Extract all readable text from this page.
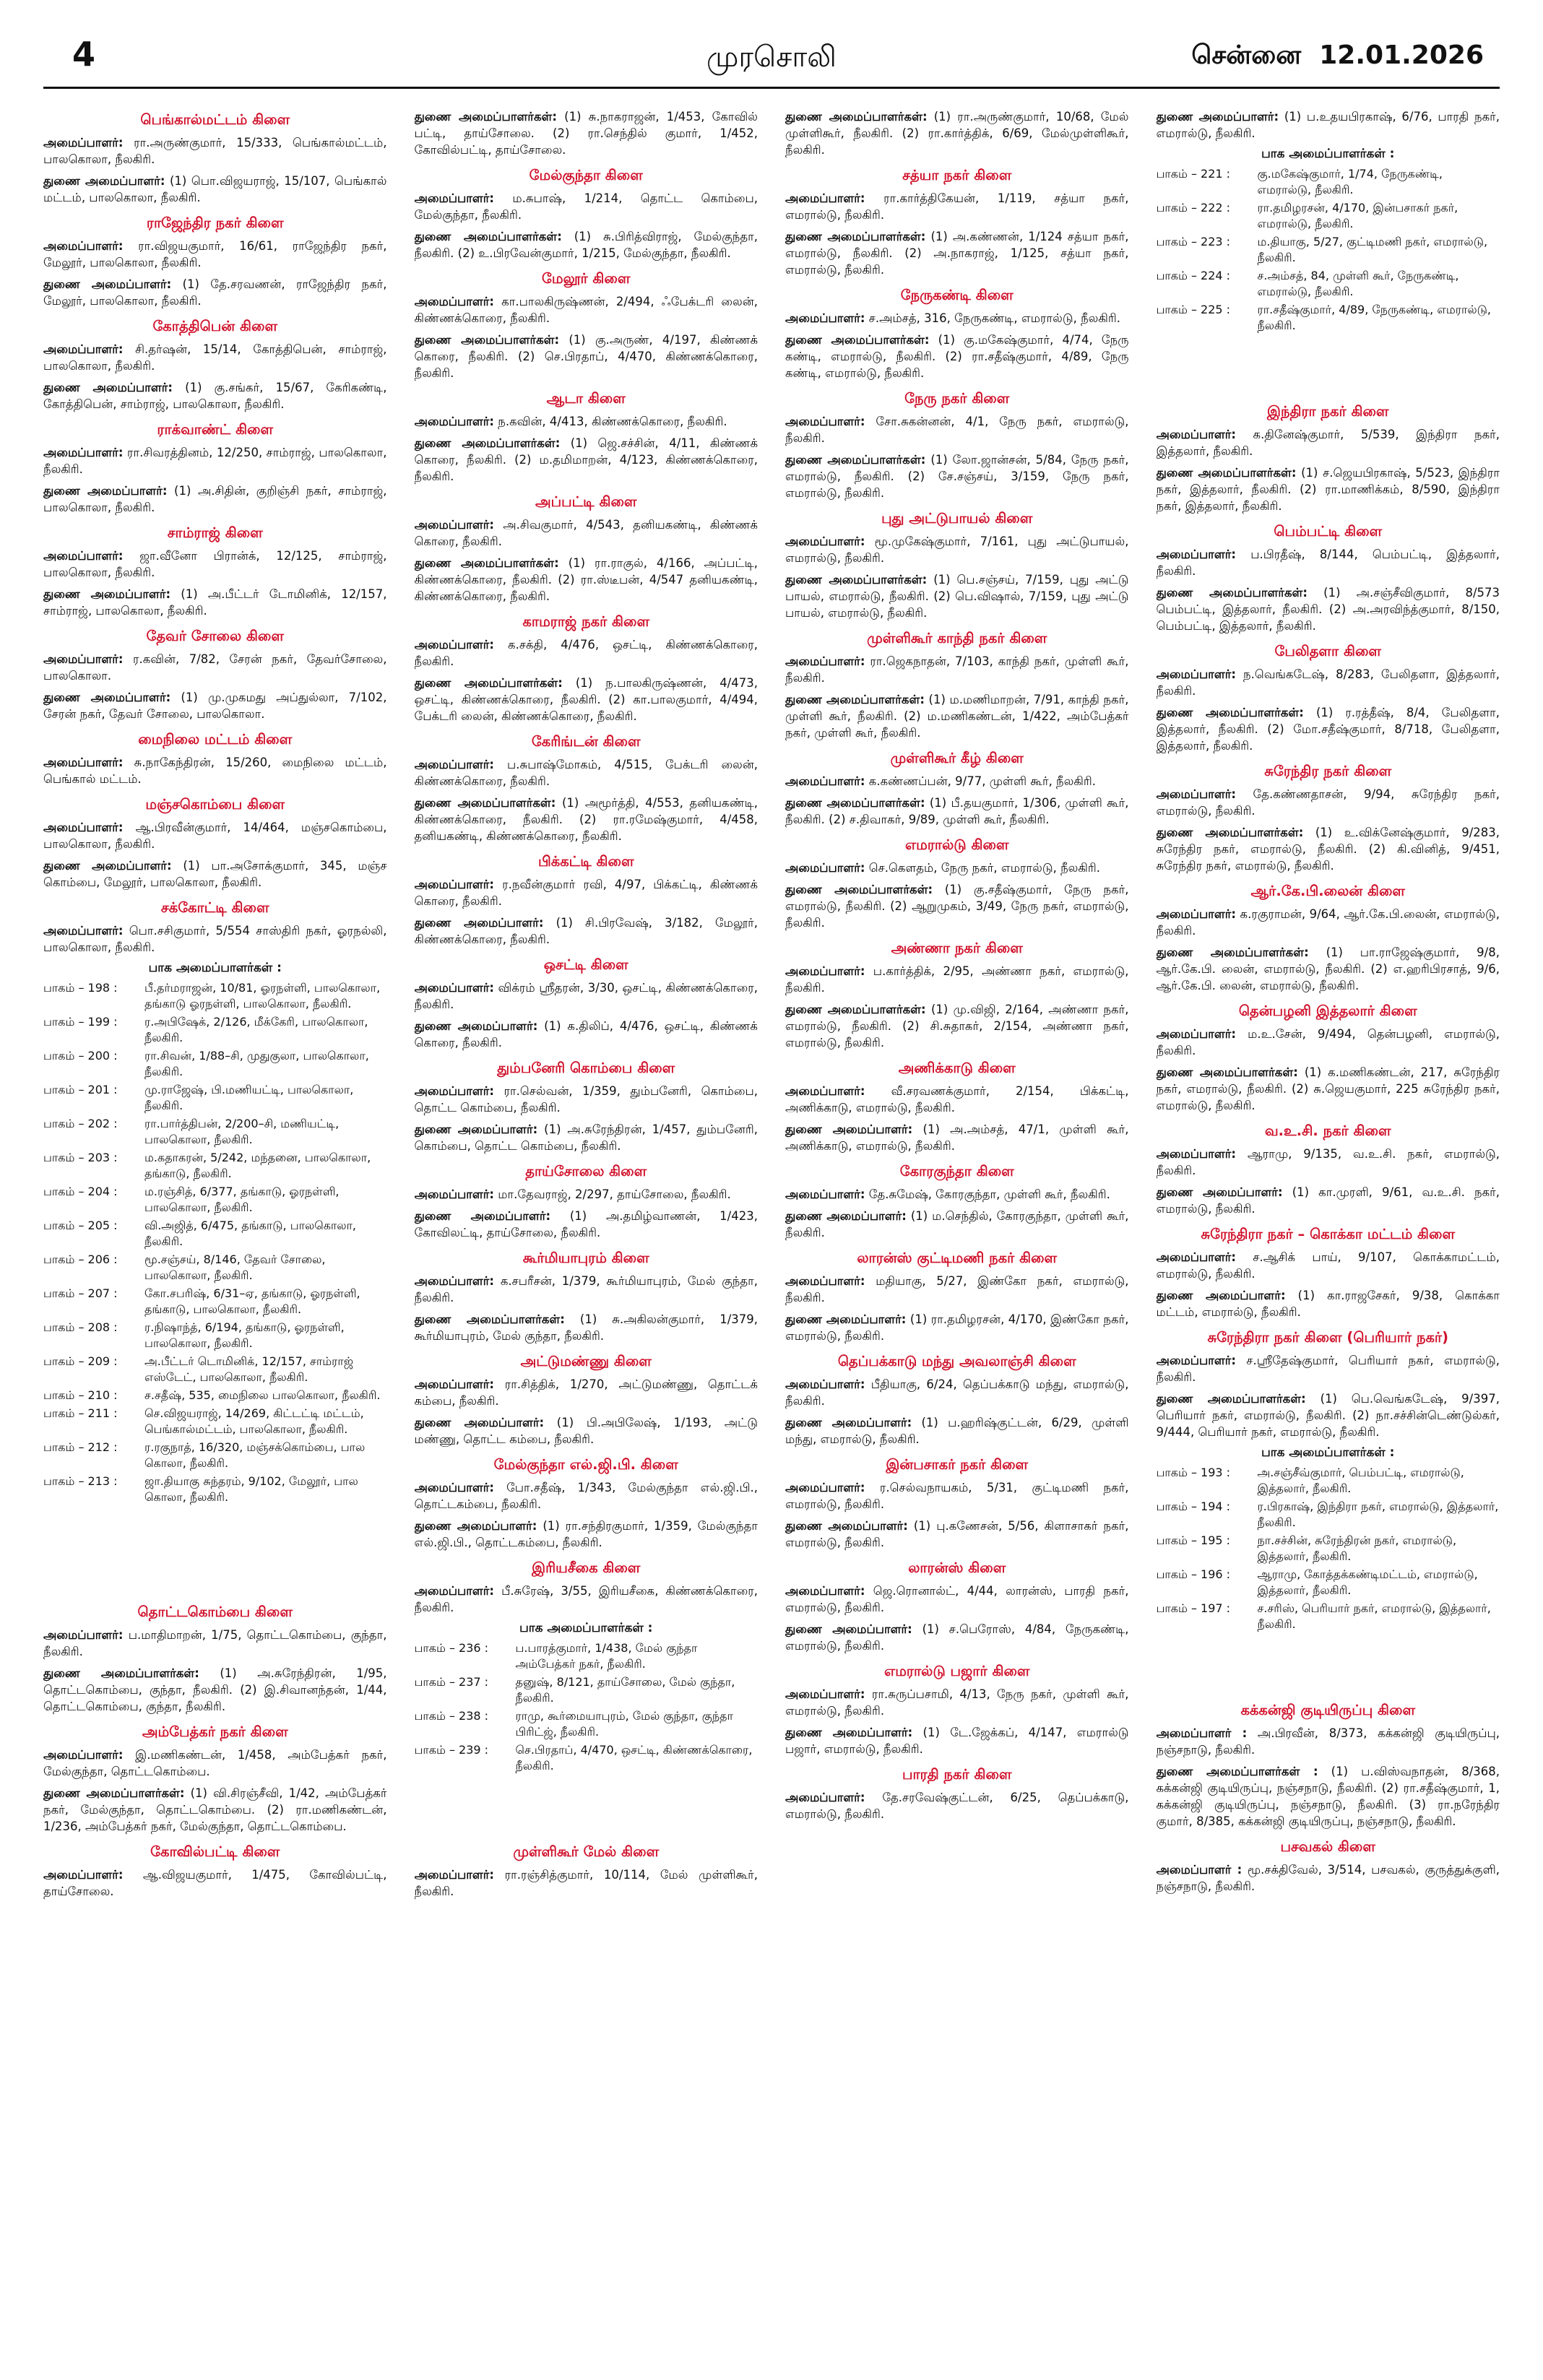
4	முரசொலி	சென்னை 12.01.2026
பெங்கால்மட்டம் கிளை

அமைப்பாளர்: ரா.அருண்குமார், 15/333, பெங்கால்மட்டம், பாலகொலா, நீலகிரி.

துணை அமைப்பாளர்: (1) பொ.விஜயராஜ், 15/107, பெங்கால் மட்டம், பாலகொலா, நீலகிரி.

ராஜேந்திர நகர் கிளை

அமைப்பாளர்: ரா.விஜயகுமார், 16/61, ராஜேந்திர நகர், மேலூர், பாலகொலா, நீலகிரி.

துணை அமைப்பாளர்: (1) தே.சரவணன், ராஜேந்திர நகர், மேலூர், பாலகொலா, நீலகிரி.

கோத்திபென் கிளை

அமைப்பாளர்: சி.தர்ஷன், 15/14, கோத்திபென், சாம்ராஜ், பாலகொலா, நீலகிரி.

துணை அமைப்பாளர்: (1) கு.சங்கர், 15/67, கேரிகண்டி, கோத்திபென், சாம்ராஜ், பாலகொலா, நீலகிரி.

ராக்வாண்ட் கிளை

அமைப்பாளர்: ரா.சிவரத்தினம், 12/250, சாம்ராஜ், பாலகொலா, நீலகிரி.

துணை அமைப்பாளர்: (1) அ.சிதின், குறிஞ்சி நகர், சாம்ராஜ், பாலகொலா, நீலகிரி.

சாம்ராஜ் கிளை

அமைப்பாளர்: ஜா.வீனோ பிரான்க், 12/125, சாம்ராஜ், பாலகொலா, நீலகிரி.

துணை அமைப்பாளர்: (1) அ.பீட்டர் டோமினிக், 12/157, சாம்ராஜ், பாலகொலா, நீலகிரி.

தேவர் சோலை கிளை

அமைப்பாளர்: ர.கவின், 7/82, சேரன் நகர், தேவர்சோலை, பாலகொலா.

துணை அமைப்பாளர்: (1) மு.முகமது அப்துல்லா, 7/102, சேரன் நகர், தேவர் சோலை, பாலகொலா.

மைநிலை மட்டம் கிளை

அமைப்பாளர்: சு.நாகேந்திரன், 15/260, மைநிலை மட்டம், பெங்கால் மட்டம்.

மஞ்சகொம்பை கிளை

அமைப்பாளர்: ஆ.பிரவீன்குமார், 14/464, மஞ்சகொம்பை, பாலகொலா, நீலகிரி.

துணை அமைப்பாளர்: (1) பா.அசோக்குமார், 345, மஞ்ச கொம்பை, மேலூர், பாலகொலா, நீலகிரி.

சக்கோட்டி கிளை

அமைப்பாளர்: பொ.சசிகுமார், 5/554 சாஸ்திரி நகர், ஓரநல்லி, பாலகொலா, நீலகிரி.

பாக அமைப்பாளர்கள் :
பாகம் – 198 :	பீ.தர்மராஜன், 10/81, ஓரநள்ளி, பாலகொலா, தங்காடு ஓரநள்ளி, பாலகொலா, நீலகிரி.
பாகம் – 199 :	ர.அபிஷேக், 2/126, மீக்கேரி, பாலகொலா, நீலகிரி.
பாகம் – 200 :	ரா.சிவன், 1/88–சி, முதுகுலா, பாலகொலா, நீலகிரி.
பாகம் – 201 :	மு.ராஜேஷ், பி.மணியட்டி, பாலகொலா, நீலகிரி.
பாகம் – 202 :	ரா.பார்த்திபன், 2/200–சி, மணியட்டி, பாலகொலா, நீலகிரி.
பாகம் – 203 :	ம.கதாகரன், 5/242, மந்தனை, பாலகொலா, தங்காடு, நீலகிரி.
பாகம் – 204 :	ம.ரஞ்சித், 6/377, தங்காடு, ஓரநள்ளி, பாலகொலா, நீலகிரி.
பாகம் – 205 :	வி.அஜித், 6/475, தங்காடு, பாலகொலா, நீலகிரி.
பாகம் – 206 :	மூ.சஞ்சய், 8/146, தேவர் சோலை, பாலகொலா, நீலகிரி.
பாகம் – 207 :	கோ.சபரிஷ், 6/31–ஏ, தங்காடு, ஓரநள்ளி, தங்காடு, பாலகொலா, நீலகிரி.
பாகம் – 208 :	ர.நிஷாந்த், 6/194, தங்காடு, ஓரநள்ளி, பாலகொலா, நீலகிரி.
பாகம் – 209 :	அ.பீட்டர் டொமினிக், 12/157, சாம்ராஜ் எஸ்டேட், பாலகொலா, நீலகிரி.
பாகம் – 210 :	ச.சதீஷ், 535, மைநிலை பாலகொலா, நீலகிரி.
பாகம் – 211 :	செ.விஜயராஜ், 14/269, கிட்டட்டி மட்டம், பெங்கால்மட்டம், பாலகொலா, நீலகிரி.
பாகம் – 212 :	ர.ரகுநாத், 16/320, மஞ்சக்கொம்பை, பால கொலா, நீலகிரி.
பாகம் – 213 :	ஜா.தியாகு சுந்தரம், 9/102, மேலூர், பால கொலா, நீலகிரி.
தொட்டகொம்பை கிளை

அமைப்பாளர்: ப.மாதிமாறன், 1/75, தொட்டகொம்பை, குந்தா, நீலகிரி.

துணை அமைப்பாளர்கள்: (1) அ.சுரேந்திரன், 1/95, தொட்டகொம்பை, குந்தா, நீலகிரி. (2) இ.சிவானந்தன், 1/44, தொட்டகொம்பை, குந்தா, நீலகிரி.

அம்பேத்கர் நகர் கிளை

அமைப்பாளர்: இ.மணிகண்டன், 1/458, அம்பேத்கர் நகர், மேல்குந்தா, தொட்டகொம்பை.

துணை அமைப்பாளர்கள்: (1) வி.சிரஞ்சீவி, 1/42, அம்பேத்கர் நகர், மேல்குந்தா, தொட்டகொம்பை. (2) ரா.மணிகண்டன், 1/236, அம்பேத்கர் நகர், மேல்குந்தா, தொட்டகொம்பை.

கோவில்பட்டி கிளை

அமைப்பாளர்: ஆ.விஜயகுமார், 1/475, கோவில்பட்டி, தாய்சோலை.

துணை அமைப்பாளர்கள்: (1) சு.நாகராஜன், 1/453, கோவில் பட்டி, தாய்சோலை. (2) ரா.செந்தில் குமார், 1/452, கோவில்பட்டி, தாய்சோலை.

மேல்குந்தா கிளை

அமைப்பாளர்: ம.சுபாஷ், 1/214, தொட்ட கொம்பை, மேல்குந்தா, நீலகிரி.

துணை அமைப்பாளர்கள்: (1) சு.பிரித்விராஜ், மேல்குந்தா, நீலகிரி. (2) உ.பிரவேன்குமார், 1/215, மேல்குந்தா, நீலகிரி.

மேலூர் கிளை

அமைப்பாளர்: கா.பாலகிருஷ்ணன், 2/494, ஃபேக்டரி லைன், கிண்ணக்கொரை, நீலகிரி.

துணை அமைப்பாளர்கள்: (1) கு.அருண், 4/197, கிண்ணக் கொரை, நீலகிரி. (2) செ.பிரதாப், 4/470, கிண்ணக்கொரை, நீலகிரி.

ஆடா கிளை

அமைப்பாளர்: ந.கவின், 4/413, கிண்ணக்கொரை, நீலகிரி.

துணை அமைப்பாளர்கள்: (1) ஜெ.சச்சின், 4/11, கிண்ணக் கொரை, நீலகிரி. (2) ம.தமிமாறன், 4/123, கிண்ணக்கொரை, நீலகிரி.

அப்பட்டி கிளை

அமைப்பாளர்: அ.சிவகுமார், 4/543, தனியகண்டி, கிண்ணக் கொரை, நீலகிரி.

துணை அமைப்பாளர்கள்: (1) ரா.ராகுல், 4/166, அப்பட்டி, கிண்ணக்கொரை, நீலகிரி. (2) ரா.ஸ்டீபன், 4/547 தனியகண்டி, கிண்ணக்கொரை, நீலகிரி.

காமராஜ் நகர் கிளை

அமைப்பாளர்: க.சக்தி, 4/476, ஒசட்டி, கிண்ணக்கொரை, நீலகிரி.

துணை அமைப்பாளர்கள்: (1) ந.பாலகிருஷ்ணன், 4/473, ஒசட்டி, கிண்ணக்கொரை, நீலகிரி. (2) கா.பாலகுமார், 4/494, பேக்டரி லைன், கிண்ணக்கொரை, நீலகிரி.

கேரிங்டன் கிளை

அமைப்பாளர்: ப.சுபாஷ்மோகம், 4/515, பேக்டரி லைன், கிண்ணக்கொரை, நீலகிரி.

துணை அமைப்பாளர்கள்: (1) அமூர்த்தி, 4/553, தனியகண்டி, கிண்ணக்கொரை, நீலகிரி. (2) ரா.ரமேஷ்குமார், 4/458, தனியகண்டி, கிண்ணக்கொரை, நீலகிரி.

பிக்கட்டி கிளை

அமைப்பாளர்: ர.நவீன்குமார் ரவி, 4/97, பிக்கட்டி, கிண்ணக் கொரை, நீலகிரி.

துணை அமைப்பாளர்: (1) சி.பிரவேஷ், 3/182, மேலூர், கிண்ணக்கொரை, நீலகிரி.

ஒசட்டி கிளை

அமைப்பாளர்: விக்ரம் ஸ்ரீதரன், 3/30, ஒசட்டி, கிண்ணக்கொரை, நீலகிரி.

துணை அமைப்பாளர்: (1) க.திலிப், 4/476, ஒசட்டி, கிண்ணக் கொரை, நீலகிரி.

தும்பனேரி கொம்பை கிளை

அமைப்பாளர்: ரா.செல்வன், 1/359, தும்பனேரி, கொம்பை, தொட்ட கொம்பை, நீலகிரி.

துணை அமைப்பாளர்: (1) அ.சுரேந்திரன், 1/457, தும்பனேரி, கொம்பை, தொட்ட கொம்பை, நீலகிரி.

தாய்சோலை கிளை

அமைப்பாளர்: மா.தேவராஜ், 2/297, தாய்சோலை, நீலகிரி.

துணை அமைப்பாளர்: (1) அ.தமிழ்வாணன், 1/423, கோவிலட்டி, தாய்சோலை, நீலகிரி.

கூர்மியாபுரம் கிளை

அமைப்பாளர்: க.சபரீசன், 1/379, கூர்மியாபுரம், மேல் குந்தா, நீலகிரி.

துணை அமைப்பாளர்கள்: (1) சு.அகிலன்குமார், 1/379, கூர்மியாபுரம், மேல் குந்தா, நீலகிரி.

அட்டுமண்ணு கிளை

அமைப்பாளர்: ரா.சித்திக், 1/270, அட்டுமண்ணு, தொட்டக் கம்பை, நீலகிரி.

துணை அமைப்பாளர்: (1) பி.அபிலேஷ், 1/193, அட்டு மண்ணு, தொட்ட கம்பை, நீலகிரி.

மேல்குந்தா எல்.ஜி.பி. கிளை

அமைப்பாளர்: போ.சதீஷ், 1/343, மேல்குந்தா எல்.ஜி.பி., தொட்டகம்பை, நீலகிரி.

துணை அமைப்பாளர்: (1) ரா.சந்திரகுமார், 1/359, மேல்குந்தா எல்.ஜி.பி., தொட்டகம்பை, நீலகிரி.

இரியசீகை கிளை

அமைப்பாளர்: பீ.சுரேஷ், 3/55, இரியசீகை, கிண்ணக்கொரை, நீலகிரி.

பாக அமைப்பாளர்கள் :
பாகம் – 236 :	ப.பாரத்குமார், 1/438, மேல் குந்தா அம்பேத்கர் நகர், நீலகிரி.
பாகம் – 237 :	தனுஷ், 8/121, தாய்சோலை, மேல் குந்தா, நீலகிரி.
பாகம் – 238 :	ராமு, கூர்மையாபுரம், மேல் குந்தா, குந்தா பிரிட்ஜ், நீலகிரி.
பாகம் – 239 :	செ.பிரதாப், 4/470, ஒசட்டி, கிண்ணக்கொரை, நீலகிரி.
முள்ளிகூர் மேல் கிளை

அமைப்பாளர்: ரா.ரஞ்சித்குமார், 10/114, மேல் முள்ளிகூர், நீலகிரி.

துணை அமைப்பாளர்கள்: (1) ரா.அருண்குமார், 10/68, மேல் முள்ளிகூர், நீலகிரி. (2) ரா.கார்த்திக், 6/69, மேல்முள்ளிகூர், நீலகிரி.

சத்யா நகர் கிளை

அமைப்பாளர்: ரா.கார்த்திகேயன், 1/119, சத்யா நகர், எமரால்டு, நீலகிரி.

துணை அமைப்பாளர்கள்: (1) அ.கண்ணன், 1/124 சத்யா நகர், எமரால்டு, நீலகிரி. (2) அ.நாகராஜ், 1/125, சத்யா நகர், எமரால்டு, நீலகிரி.

நேருகண்டி கிளை

அமைப்பாளர்: ச.அம்சத், 316, நேருகண்டி, எமரால்டு, நீலகிரி.

துணை அமைப்பாளர்கள்: (1) கு.மகேஷ்குமார், 4/74, நேரு கண்டி, எமரால்டு, நீலகிரி. (2) ரா.சதீஷ்குமார், 4/89, நேரு கண்டி, எமரால்டு, நீலகிரி.

நேரு நகர் கிளை

அமைப்பாளர்: சோ.சுகன்னன், 4/1, நேரு நகர், எமரால்டு, நீலகிரி.

துணை அமைப்பாளர்கள்: (1) லோ.ஜான்சன், 5/84, நேரு நகர், எமரால்டு, நீலகிரி. (2) சே.சஞ்சய், 3/159, நேரு நகர், எமரால்டு, நீலகிரி.

புது அட்டுபாயல் கிளை

அமைப்பாளர்: மூ.முகேஷ்குமார், 7/161, புது அட்டுபாயல், எமரால்டு, நீலகிரி.

துணை அமைப்பாளர்கள்: (1) பெ.சஞ்சய், 7/159, புது அட்டு பாயல், எமரால்டு, நீலகிரி. (2) பெ.விஷால், 7/159, புது அட்டு பாயல், எமரால்டு, நீலகிரி.

முள்ளிகூர் காந்தி நகர் கிளை

அமைப்பாளர்: ரா.ஜெகநாதன், 7/103, காந்தி நகர், முள்ளி கூர், நீலகிரி.

துணை அமைப்பாளர்கள்: (1) ம.மணிமாறன், 7/91, காந்தி நகர், முள்ளி கூர், நீலகிரி. (2) ம.மணிகண்டன், 1/422, அம்பேத்கர் நகர், முள்ளி கூர், நீலகிரி.

முள்ளிகூர் கீழ் கிளை

அமைப்பாளர்: க.கண்ணப்பன், 9/77, முள்ளி கூர், நீலகிரி.

துணை அமைப்பாளர்கள்: (1) பீ.தயகுமார், 1/306, முள்ளி கூர், நீலகிரி. (2) ச.திவாகர், 9/89, முள்ளி கூர், நீலகிரி.

எமரால்டு கிளை

அமைப்பாளர்: செ.கௌதம், நேரு நகர், எமரால்டு, நீலகிரி.

துணை அமைப்பாளர்கள்: (1) கு.சதீஷ்குமார், நேரு நகர், எமரால்டு, நீலகிரி. (2) ஆறுமுகம், 3/49, நேரு நகர், எமரால்டு, நீலகிரி.

அண்ணா நகர் கிளை

அமைப்பாளர்: ப.கார்த்திக், 2/95, அண்ணா நகர், எமரால்டு, நீலகிரி.

துணை அமைப்பாளர்கள்: (1) மு.விஜி, 2/164, அண்ணா நகர், எமரால்டு, நீலகிரி. (2) சி.சுதாகர், 2/154, அண்ணா நகர், எமரால்டு, நீலகிரி.

அணிக்காடு கிளை

அமைப்பாளர்: வீ.சரவணக்குமார், 2/154, பிக்கட்டி, அணிக்காடு, எமரால்டு, நீலகிரி.

துணை அமைப்பாளர்: (1) அ.அம்சத், 47/1, முள்ளி கூர், அணிக்காடு, எமரால்டு, நீலகிரி.

கோரகுந்தா கிளை

அமைப்பாளர்: தே.சுமேஷ், கோரகுந்தா, முள்ளி கூர், நீலகிரி.

துணை அமைப்பாளர்: (1) ம.செந்தில், கோரகுந்தா, முள்ளி கூர், நீலகிரி.

லாரன்ஸ் குட்டிமணி நகர் கிளை

அமைப்பாளர்: மதியாகு, 5/27, இண்கோ நகர், எமரால்டு, நீலகிரி.

துணை அமைப்பாளர்: (1) ரா.தமிழரசன், 4/170, இண்கோ நகர், எமரால்டு, நீலகிரி.

தெப்பக்காடு மந்து அவலாஞ்சி கிளை

அமைப்பாளர்: பீதியாகு, 6/24, தெப்பக்காடு மந்து, எமரால்டு, நீலகிரி.

துணை அமைப்பாளர்: (1) ப.ஹரிஷ்குட்டன், 6/29, முள்ளி மந்து, எமரால்டு, நீலகிரி.

இன்பசாகர் நகர் கிளை

அமைப்பாளர்: ர.செல்வநாயகம், 5/31, குட்டிமணி நகர், எமரால்டு, நீலகிரி.

துணை அமைப்பாளர்: (1) பு.கணேசன், 5/56, கிளாசாகர் நகர், எமரால்டு, நீலகிரி.

லாரன்ஸ் கிளை

அமைப்பாளர்: ஜெ.ரொனால்ட், 4/44, லாரன்ஸ், பாரதி நகர், எமரால்டு, நீலகிரி.

துணை அமைப்பாளர்: (1) ச.பெரோஸ், 4/84, நேருகண்டி, எமரால்டு, நீலகிரி.

எமரால்டு பஜார் கிளை

அமைப்பாளர்: ரா.சுருப்பசாமி, 4/13, நேரு நகர், முள்ளி கூர், எமரால்டு, நீலகிரி.

துணை அமைப்பாளர்: (1) டே.ஜேக்கப், 4/147, எமரால்டு பஜார், எமரால்டு, நீலகிரி.

பாரதி நகர் கிளை

அமைப்பாளர்: தே.சரவேஷ்குட்டன், 6/25, தெப்பக்காடு, எமரால்டு, நீலகிரி.

துணை அமைப்பாளர்: (1) ப.உதயபிரகாஷ், 6/76, பாரதி நகர், எமரால்டு, நீலகிரி.

பாக அமைப்பாளர்கள் :
பாகம் – 221 :	கு.மகேஷ்குமார், 1/74, நேருகண்டி, எமரால்டு, நீலகிரி.
பாகம் – 222 :	ரா.தமிழரசன், 4/170, இன்பசாகர் நகர், எமரால்டு, நீலகிரி.
பாகம் – 223 :	ம.தியாகு, 5/27, குட்டிமணி நகர், எமரால்டு, நீலகிரி.
பாகம் – 224 :	ச.அம்சத், 84, முள்ளி கூர், நேருகண்டி, எமரால்டு, நீலகிரி.
பாகம் – 225 :	ரா.சதீஷ்குமார், 4/89, நேருகண்டி, எமரால்டு, நீலகிரி.
இந்திரா நகர் கிளை

அமைப்பாளர்: க.தினேஷ்குமார், 5/539, இந்திரா நகர், இத்தலார், நீலகிரி.

துணை அமைப்பாளர்கள்: (1) ச.ஜெயபிரகாஷ், 5/523, இந்திரா நகர், இத்தலார், நீலகிரி. (2) ரா.மாணிக்கம், 8/590, இந்திரா நகர், இத்தலார், நீலகிரி.

பெம்பட்டி கிளை

அமைப்பாளர்: ப.பிரதீஷ், 8/144, பெம்பட்டி, இத்தலார், நீலகிரி.

துணை அமைப்பாளர்கள்: (1) அ.சஞ்சீவிகுமார், 8/573 பெம்பட்டி, இத்தலார், நீலகிரி. (2) அ.அரவிந்த்குமார், 8/150, பெம்பட்டி, இத்தலார், நீலகிரி.

பேலிதளா கிளை

அமைப்பாளர்: ந.வெங்கடேஷ், 8/283, பேலிதளா, இத்தலார், நீலகிரி.

துணை அமைப்பாளர்கள்: (1) ர.ரத்தீஷ், 8/4, பேலிதளா, இத்தலார், நீலகிரி. (2) மோ.சதீஷ்குமார், 8/718, பேலிதளா, இத்தலார், நீலகிரி.

சுரேந்திர நகர் கிளை

அமைப்பாளர்: தே.கண்ணதாசன், 9/94, சுரேந்திர நகர், எமரால்டு, நீலகிரி.

துணை அமைப்பாளர்கள்: (1) உ.விக்னேஷ்குமார், 9/283, சுரேந்திர நகர், எமரால்டு, நீலகிரி. (2) கி.வினித், 9/451, சுரேந்திர நகர், எமரால்டு, நீலகிரி.

ஆர்.கே.பி.லைன் கிளை

அமைப்பாளர்: க.ரகுராமன், 9/64, ஆர்.கே.பி.லைன், எமரால்டு, நீலகிரி.

துணை அமைப்பாளர்கள்: (1) பா.ராஜேஷ்குமார், 9/8, ஆர்.கே.பி. லைன், எமரால்டு, நீலகிரி. (2) எ.ஹரிபிரசாத், 9/6, ஆர்.கே.பி. லைன், எமரால்டு, நீலகிரி.

தென்பழனி இத்தலார் கிளை

அமைப்பாளர்: ம.உ.சேன், 9/494, தென்பழனி, எமரால்டு, நீலகிரி.

துணை அமைப்பாளர்கள்: (1) க.மணிகண்டன், 217, சுரேந்திர நகர், எமரால்டு, நீலகிரி. (2) சு.ஜெயகுமார், 225 சுரேந்திர நகர், எமரால்டு, நீலகிரி.

வ.உ.சி. நகர் கிளை

அமைப்பாளர்: ஆராமு, 9/135, வ.உ.சி. நகர், எமரால்டு, நீலகிரி.

துணை அமைப்பாளர்: (1) கா.முரளி, 9/61, வ.உ.சி. நகர், எமரால்டு, நீலகிரி.

சுரேந்திரா நகர் – கொக்கா மட்டம் கிளை

அமைப்பாளர்: ச.ஆசிக் பாய், 9/107, கொக்காமட்டம், எமரால்டு, நீலகிரி.

துணை அமைப்பாளர்: (1) கா.ராஜசேகர், 9/38, கொக்கா மட்டம், எமரால்டு, நீலகிரி.

சுரேந்திரா நகர் கிளை (பெரியார் நகர்)

அமைப்பாளர்: ச.ஸ்ரீதேஷ்குமார், பெரியார் நகர், எமரால்டு, நீலகிரி.

துணை அமைப்பாளர்கள்: (1) பெ.வெங்கடேஷ், 9/397, பெரியார் நகர், எமரால்டு, நீலகிரி. (2) நா.சச்சின்டெண்டுல்கர், 9/444, பெரியார் நகர், எமரால்டு, நீலகிரி.

பாக அமைப்பாளர்கள் :
பாகம் – 193 :	அ.சஞ்சீவ்குமார், பெம்பட்டி, எமரால்டு, இத்தலார், நீலகிரி.
பாகம் – 194 :	ர.பிரகாஷ், இந்திரா நகர், எமரால்டு, இத்தலார், நீலகிரி.
பாகம் – 195 :	நா.சச்சின், சுரேந்திரன் நகர், எமரால்டு, இத்தலார், நீலகிரி.
பாகம் – 196 :	ஆராமு, கோத்தக்கண்டிமட்டம், எமரால்டு, இத்தலார், நீலகிரி.
பாகம் – 197 :	ச.சரிஸ், பெரியார் நகர், எமரால்டு, இத்தலார், நீலகிரி.
கக்கன்ஜி குடியிருப்பு கிளை

அமைப்பாளர் : அ.பிரவீன், 8/373, கக்கன்ஜி குடியிருப்பு, நஞ்சநாடு, நீலகிரி.

துணை அமைப்பாளர்கள் : (1) ப.விஸ்வநாதன், 8/368, கக்கன்ஜி குடியிருப்பு, நஞ்சநாடு, நீலகிரி. (2) ரா.சதீஷ்குமார், 1, கக்கன்ஜி குடியிருப்பு, நஞ்சநாடு, நீலகிரி. (3) ரா.நரேந்திர குமார், 8/385, கக்கன்ஜி குடியிருப்பு, நஞ்சநாடு, நீலகிரி.

பசவகல் கிளை

அமைப்பாளர் : மூ.சக்திவேல், 3/514, பசவகல், குருத்துக்குளி, நஞ்சநாடு, நீலகிரி.
